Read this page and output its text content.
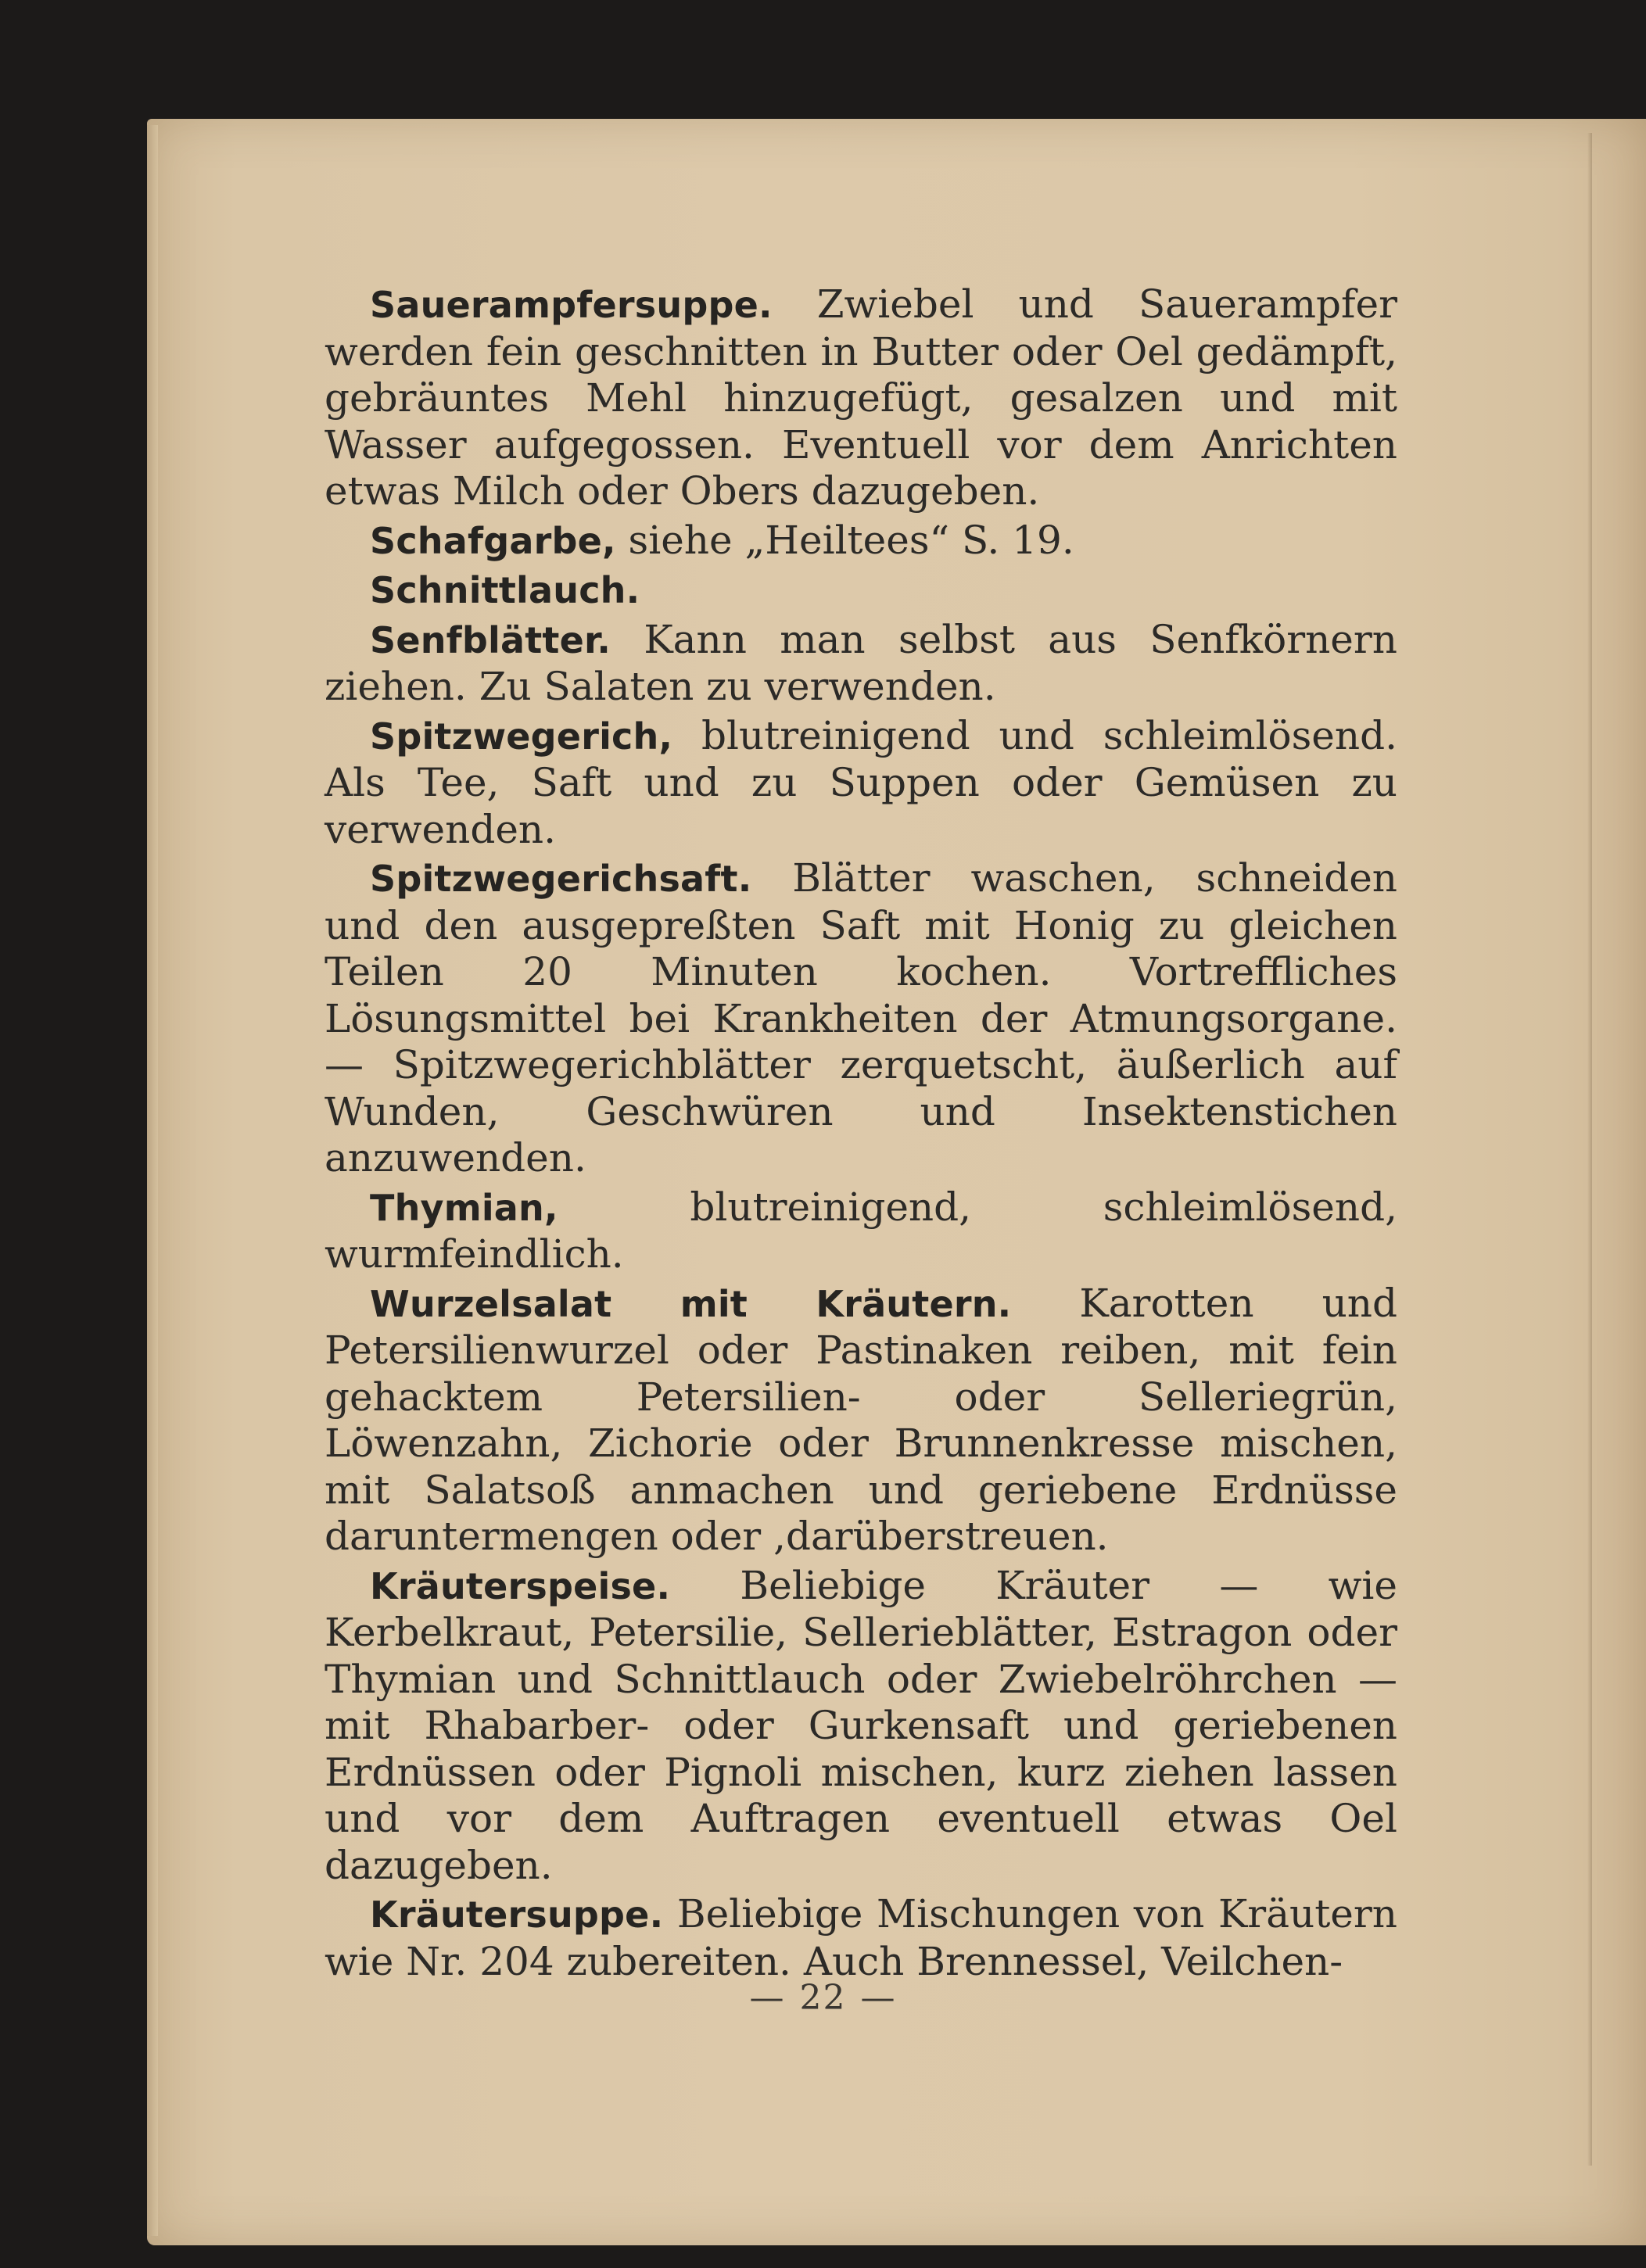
Sauerampfersuppe. Zwiebel und Sauerampfer werden fein geschnitten in Butter oder Oel gedämpft, gebräuntes Mehl hinzugefügt, gesalzen und mit Wasser aufgegossen. Eventuell vor dem Anrichten etwas Milch oder Obers dazugeben.

Schafgarbe, siehe „Heiltees“ S. 19.

Schnittlauch.

Senfblätter. Kann man selbst aus Senfkörnern ziehen. Zu Salaten zu verwenden.

Spitzwegerich, blutreinigend und schleimlösend. Als Tee, Saft und zu Suppen oder Gemüsen zu verwenden.

Spitzwegerichsaft. Blätter waschen, schneiden und den ausgepreßten Saft mit Honig zu gleichen Teilen 20 Minuten kochen. Vortreffliches Lösungsmittel bei Krankheiten der Atmungsorgane. — Spitzwegerichblätter zerquetscht, äußerlich auf Wunden, Geschwüren und Insektenstichen anzuwenden.

Thymian, blutreinigend, schleimlösend, wurmfeindlich.

Wurzelsalat mit Kräutern. Karotten und Petersilienwurzel oder Pastinaken reiben, mit fein gehacktem Petersilien- oder Selleriegrün, Löwenzahn, Zichorie oder Brunnenkresse mischen, mit Salatsoß anmachen und geriebene Erdnüsse daruntermengen oder ,darüberstreuen.

Kräuterspeise. Beliebige Kräuter — wie Kerbelkraut, Petersilie, Sellerieblätter, Estragon oder Thymian und Schnittlauch oder Zwiebelröhrchen — mit Rhabarber- oder Gurkensaft und geriebenen Erdnüssen oder Pignoli mischen, kurz ziehen lassen und vor dem Auftragen eventuell etwas Oel dazugeben.

Kräutersuppe. Beliebige Mischungen von Kräutern wie Nr. 204 zubereiten. Auch Brennessel, Veilchen-

— 22 —
